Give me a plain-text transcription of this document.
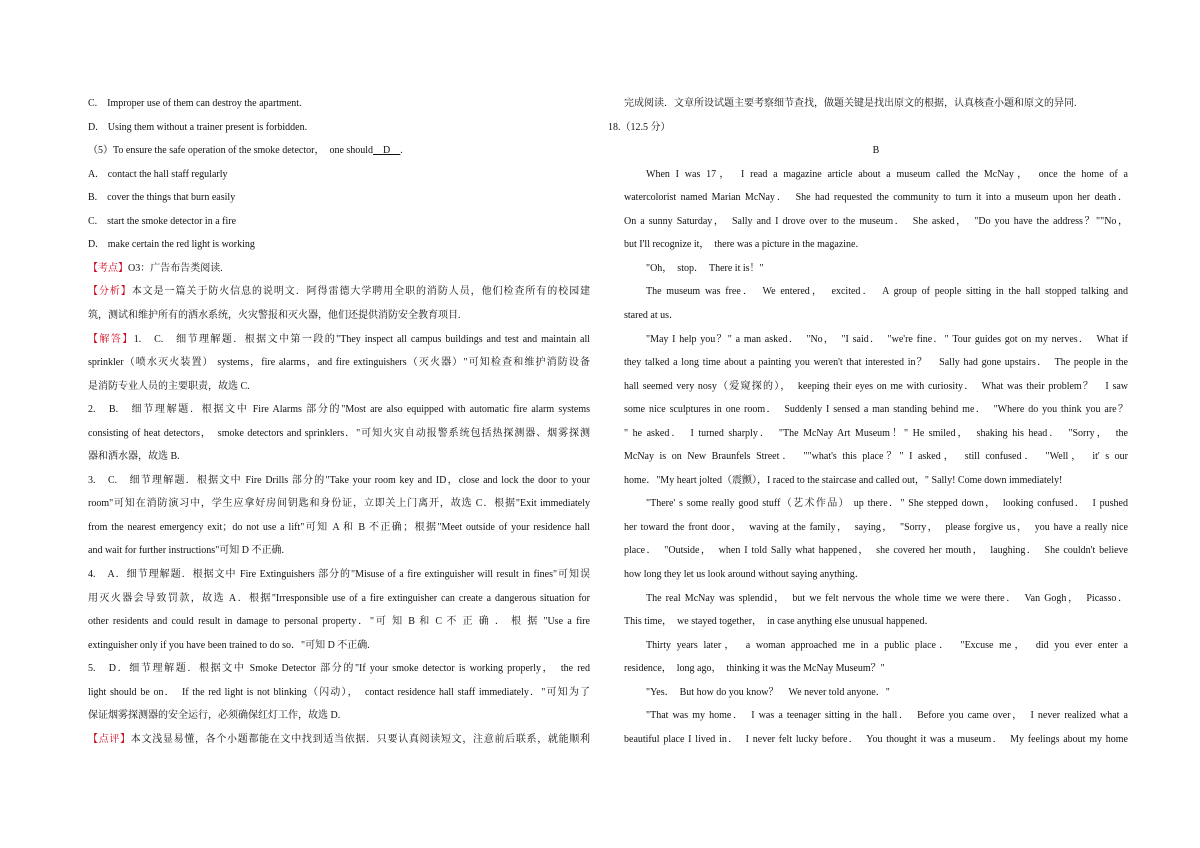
C.　Improper use of them can destroy the apartment.
D.　Using them without a trainer present is forbidden.
（5）To ensure the safe operation of the smoke detector，　one should　D　.
A.　contact the hall staff regularly
B.　cover the things that burn easily
C.　start the smoke detector in a fire
D.　make certain the red light is working
【考点】O3：广告布告类阅读.
【分析】本文是一篇关于防火信息的说明文．阿得雷德大学聘用全职的消防人员，他们检查所有的校园建
筑，测试和维护所有的洒水系统，火灾警报和灭火器，他们还提供消防安全教育项目.
【解答】1.　C.　细节理解题．根据文中第一段的"They inspect all campus buildings and test and maintain all
sprinkler（喷水灭火装置） systems，fire alarms，and fire extinguishers（灭火器）"可知检查和维护消防设备
是消防专业人员的主要职责，故选 C.
2.　B.　细节理解题．根据文中 Fire Alarms 部分的"Most are also equipped with automatic fire alarm systems
consisting of heat detectors，　smoke detectors and sprinklers．"可知火灾自动报警系统包括热探测器、烟雾探测
器和洒水器，故选 B.
3.　C.　细节理解题．根据文中 Fire Drills 部分的"Take your room key and ID，close and lock the door to your
room"可知在消防演习中，学生应拿好房间钥匙和身份证，立即关上门离开，故选 C．根据"Exit immediately
from the nearest emergency exit；do not use a lift"可知 A 和 B 不正确；根据"Meet outside of your residence hall
and wait for further instructions"可知 D 不正确.
4.　A．细节理解题．根据文中 Fire Extinguishers 部分的"Misuse of a fire extinguisher will result in fines"可知误
用灭火器会导致罚款，故选 A．根据"Irresponsible use of a fire extinguisher can create a dangerous situation for
other residents and could result in damage to personal property．"可 知 B 和 C 不 正 确 ． 根 据 "Use a fire
extinguisher only if you have been trained to do so．"可知 D 不正确.
5.　D．细节理解题．根据文中 Smoke Detector 部分的"If your smoke detector is working properly，　the red
light should be on．　If the red light is not blinking（闪动），　contact residence hall staff immediately．"可知为了
保证烟雾探测器的安全运行，必须确保红灯工作，故选 D.
【点评】本文浅显易懂，各个小题都能在文中找到适当依据．只要认真阅读短文，注意前后联系，就能顺利
完成阅读．文章所设试题主要考察细节查找，做题关键是找出原文的根据，认真核查小题和原文的异同.
18.（12.5 分）
B
When I was 17，　I read a magazine article about a museum called the McNay，　once the home of a
watercolorist named Marian McNay．　She had requested the community to turn it into a museum upon her death．
On a sunny Saturday，　Sally and I drove over to the museum．　She asked，　"Do you have the address？""No，
but I'll recognize it，　there was a picture in the magazine．
"Oh，　stop．　There it is！"
The museum was free．　We entered，　excited．　A group of people sitting in the hall stopped talking and
stared at us．
"May I help you？" a man asked．　"No，　"I said．　"we're fine．" Tour guides got on my nerves．　What if
they talked a long time about a painting you weren't that interested in？　Sally had gone upstairs．　The people in the
hall seemed very nosy（爱窥探的），　keeping their eyes on me with curiosity．　What was their problem？　I saw
some nice sculptures in one room．　Suddenly I sensed a man standing behind me．　"Where do you think you are？
" he asked．　I turned sharply．　"The McNay Art Museum！" He smiled，　shaking his head．　"Sorry，　the
McNay is on New Braunfels Street．　""what's this place？" I asked，　still confused．　"Well，　it' s our
home．"My heart jolted（震颤），I raced to the staircase and called out，" Sally! Come down immediately!
"There' s some really good stuff（艺术作品） up there．" She stepped down，　looking confused．　I pushed
her toward the front door，　waving at the family，　saying，　"Sorry，　please forgive us，　you have a really nice
place．　"Outside，　when I told Sally what happened，　she covered her mouth，　laughing．　She couldn't believe
how long they let us look around without saying anything．
The real McNay was splendid，　but we felt nervous the whole time we were there．　Van Gogh，　Picasso．
This time，　we stayed together，　in case anything else unusual happened．
Thirty years later，　a woman approached me in a public place．　"Excuse me，　did you ever enter a
residence，　long ago，　thinking it was the McNay Museum？"
"Yes．　But how do you know？　We never told anyone．"
"That was my home．　I was a teenager sitting in the hall．　Before you came over，　I never realized what a
beautiful place I lived in．　I never felt lucky before．　You thought it was a museum．　My feelings about my home
